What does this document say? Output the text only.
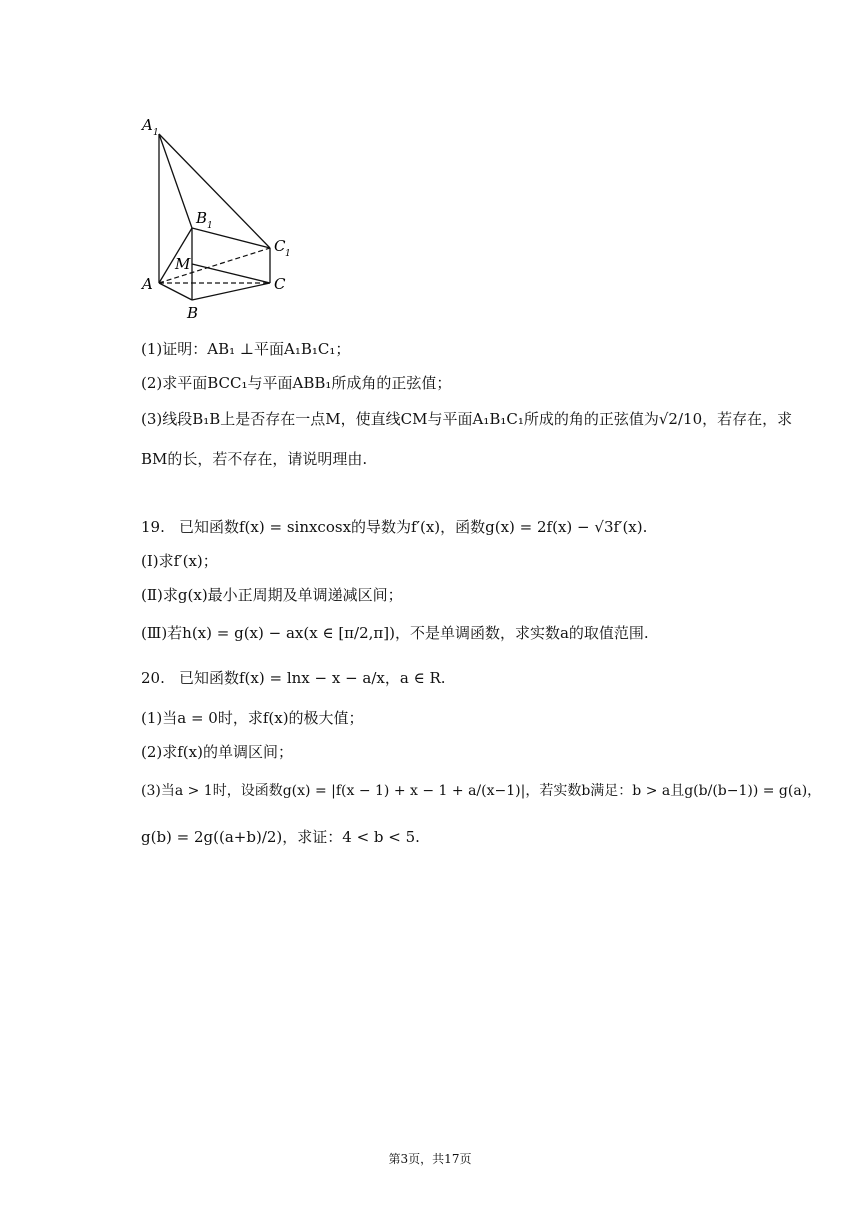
A 1
B 1
C 1
M
A	C
B
(1)证明：AB₁ ⊥平面A₁B₁C₁；
(2)求平面BCC₁与平面ABB₁所成角的正弦值；
(3)线段B₁B上是否存在一点M，使直线CM与平面A₁B₁C₁所成的角的正弦值为√2/10，若存在，求
BM的长，若不存在，请说明理由.
19. 已知函数f(x) = sinxcosx的导数为f′(x)，函数g(x) = 2f(x) − √3f′(x).
(Ⅰ)求f′(x)；
(Ⅱ)求g(x)最小正周期及单调递减区间；
(Ⅲ)若h(x) = g(x) − ax(x ∈ [π/2,π])，不是单调函数，求实数a的取值范围.
20. 已知函数f(x) = lnx − x − a/x，a ∈ R.
(1)当a = 0时，求f(x)的极大值；
(2)求f(x)的单调区间；
(3)当a > 1时，设函数g(x) = |f(x − 1) + x − 1 + a/(x−1)|，若实数b满足：b > a且g(b/(b−1)) = g(a)，
g(b) = 2g((a+b)/2)，求证：4 < b < 5.
第3页，共17页
